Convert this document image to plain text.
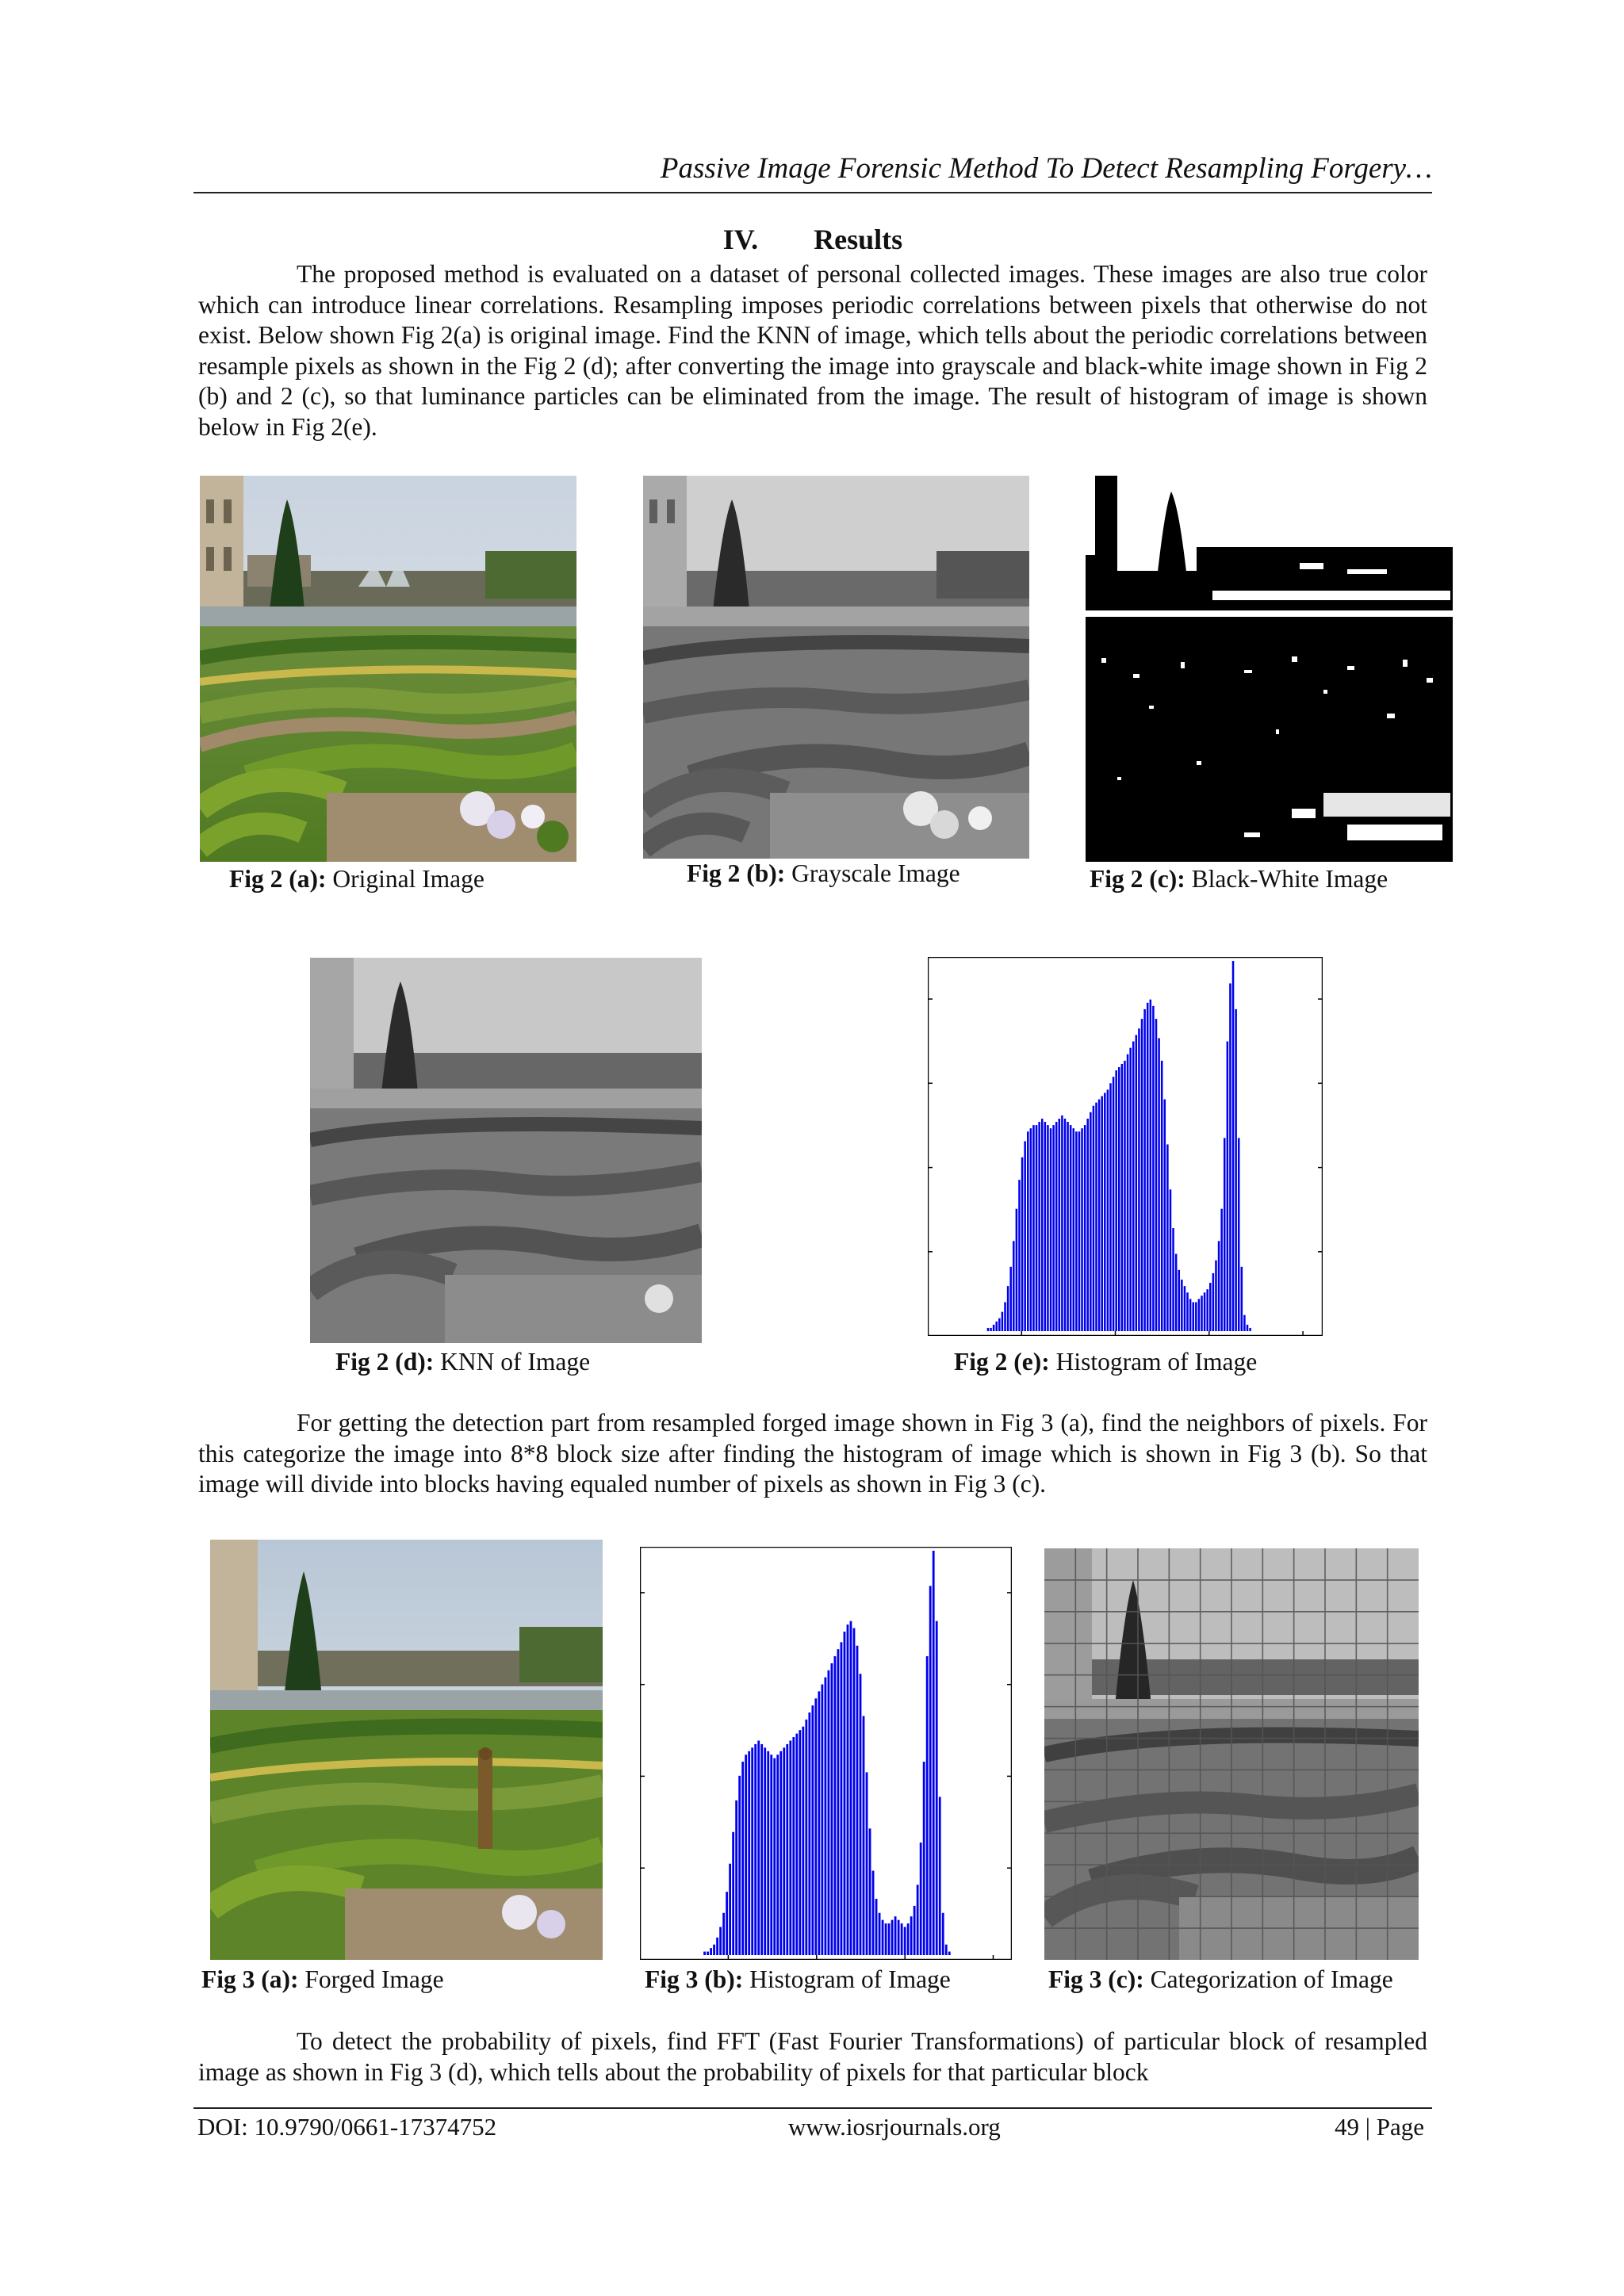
Passive Image Forensic Method To Detect Resampling Forgery…
IV. Results

The proposed method is evaluated on a dataset of personal collected images. These images are also true color which can introduce linear correlations. Resampling imposes periodic correlations between pixels that otherwise do not exist. Below shown Fig 2(a) is original image. Find the KNN of image, which tells about the periodic correlations between resample pixels as shown in the Fig 2 (d); after converting the image into grayscale and black-white image shown in Fig 2 (b) and 2 (c), so that luminance particles can be eliminated from the image. The result of histogram of image is shown below in Fig 2(e).

Fig 2 (a): Original Image	Fig 2 (b): Grayscale Image	Fig 2 (c): Black-White Image
Fig 2 (d): KNN of Image	Fig 2 (e): Histogram of Image

For getting the detection part from resampled forged image shown in Fig 3 (a), find the neighbors of pixels. For this categorize the image into 8*8 block size after finding the histogram of image which is shown in Fig 3 (b). So that image will divide into blocks having equaled number of pixels as shown in Fig 3 (c).

Fig 3 (a): Forged Image	Fig 3 (b): Histogram of Image	Fig 3 (c): Categorization of Image

To detect the probability of pixels, find FFT (Fast Fourier Transformations) of particular block of resampled image as shown in Fig 3 (d), which tells about the probability of pixels for that particular block

DOI: 10.9790/0661-17374752	www.iosrjournals.org	49 | Page
